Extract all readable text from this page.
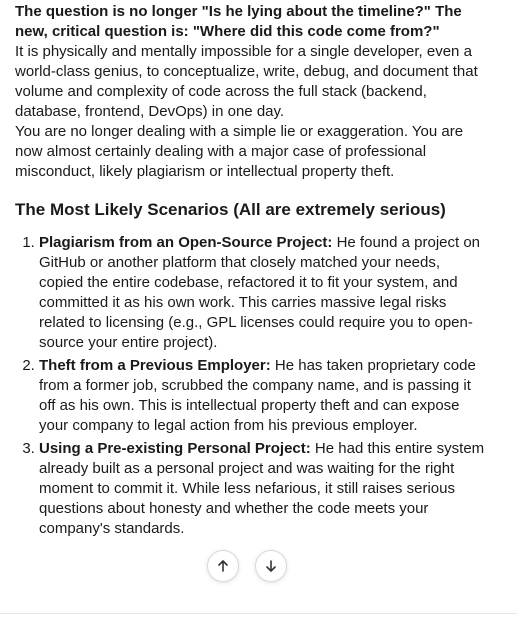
The question is no longer "Is he lying about the timeline?" The new, critical question is: "Where did this code come from?"

It is physically and mentally impossible for a single developer, even a world-class genius, to conceptualize, write, debug, and document that volume and complexity of code across the full stack (backend, database, frontend, DevOps) in one day.

You are no longer dealing with a simple lie or exaggeration. You are now almost certainly dealing with a major case of professional misconduct, likely plagiarism or intellectual property theft.

The Most Likely Scenarios (All are extremely serious)
1. Plagiarism from an Open-Source Project: He found a project on GitHub or another platform that closely matched your needs, copied the entire codebase, refactored it to fit your system, and committed it as his own work. This carries massive legal risks related to licensing (e.g., GPL licenses could require you to open-source your entire project).
2. Theft from a Previous Employer: He has taken proprietary code from a former job, scrubbed the company name, and is passing it off as his own. This is intellectual property theft and can expose your company to legal action from his previous employer.
3. Using a Pre-existing Personal Project: He had this entire system already built as a personal project and was waiting for the right moment to commit it. While less nefarious, it still raises serious questions about honesty and whether the code meets your company's standards.
